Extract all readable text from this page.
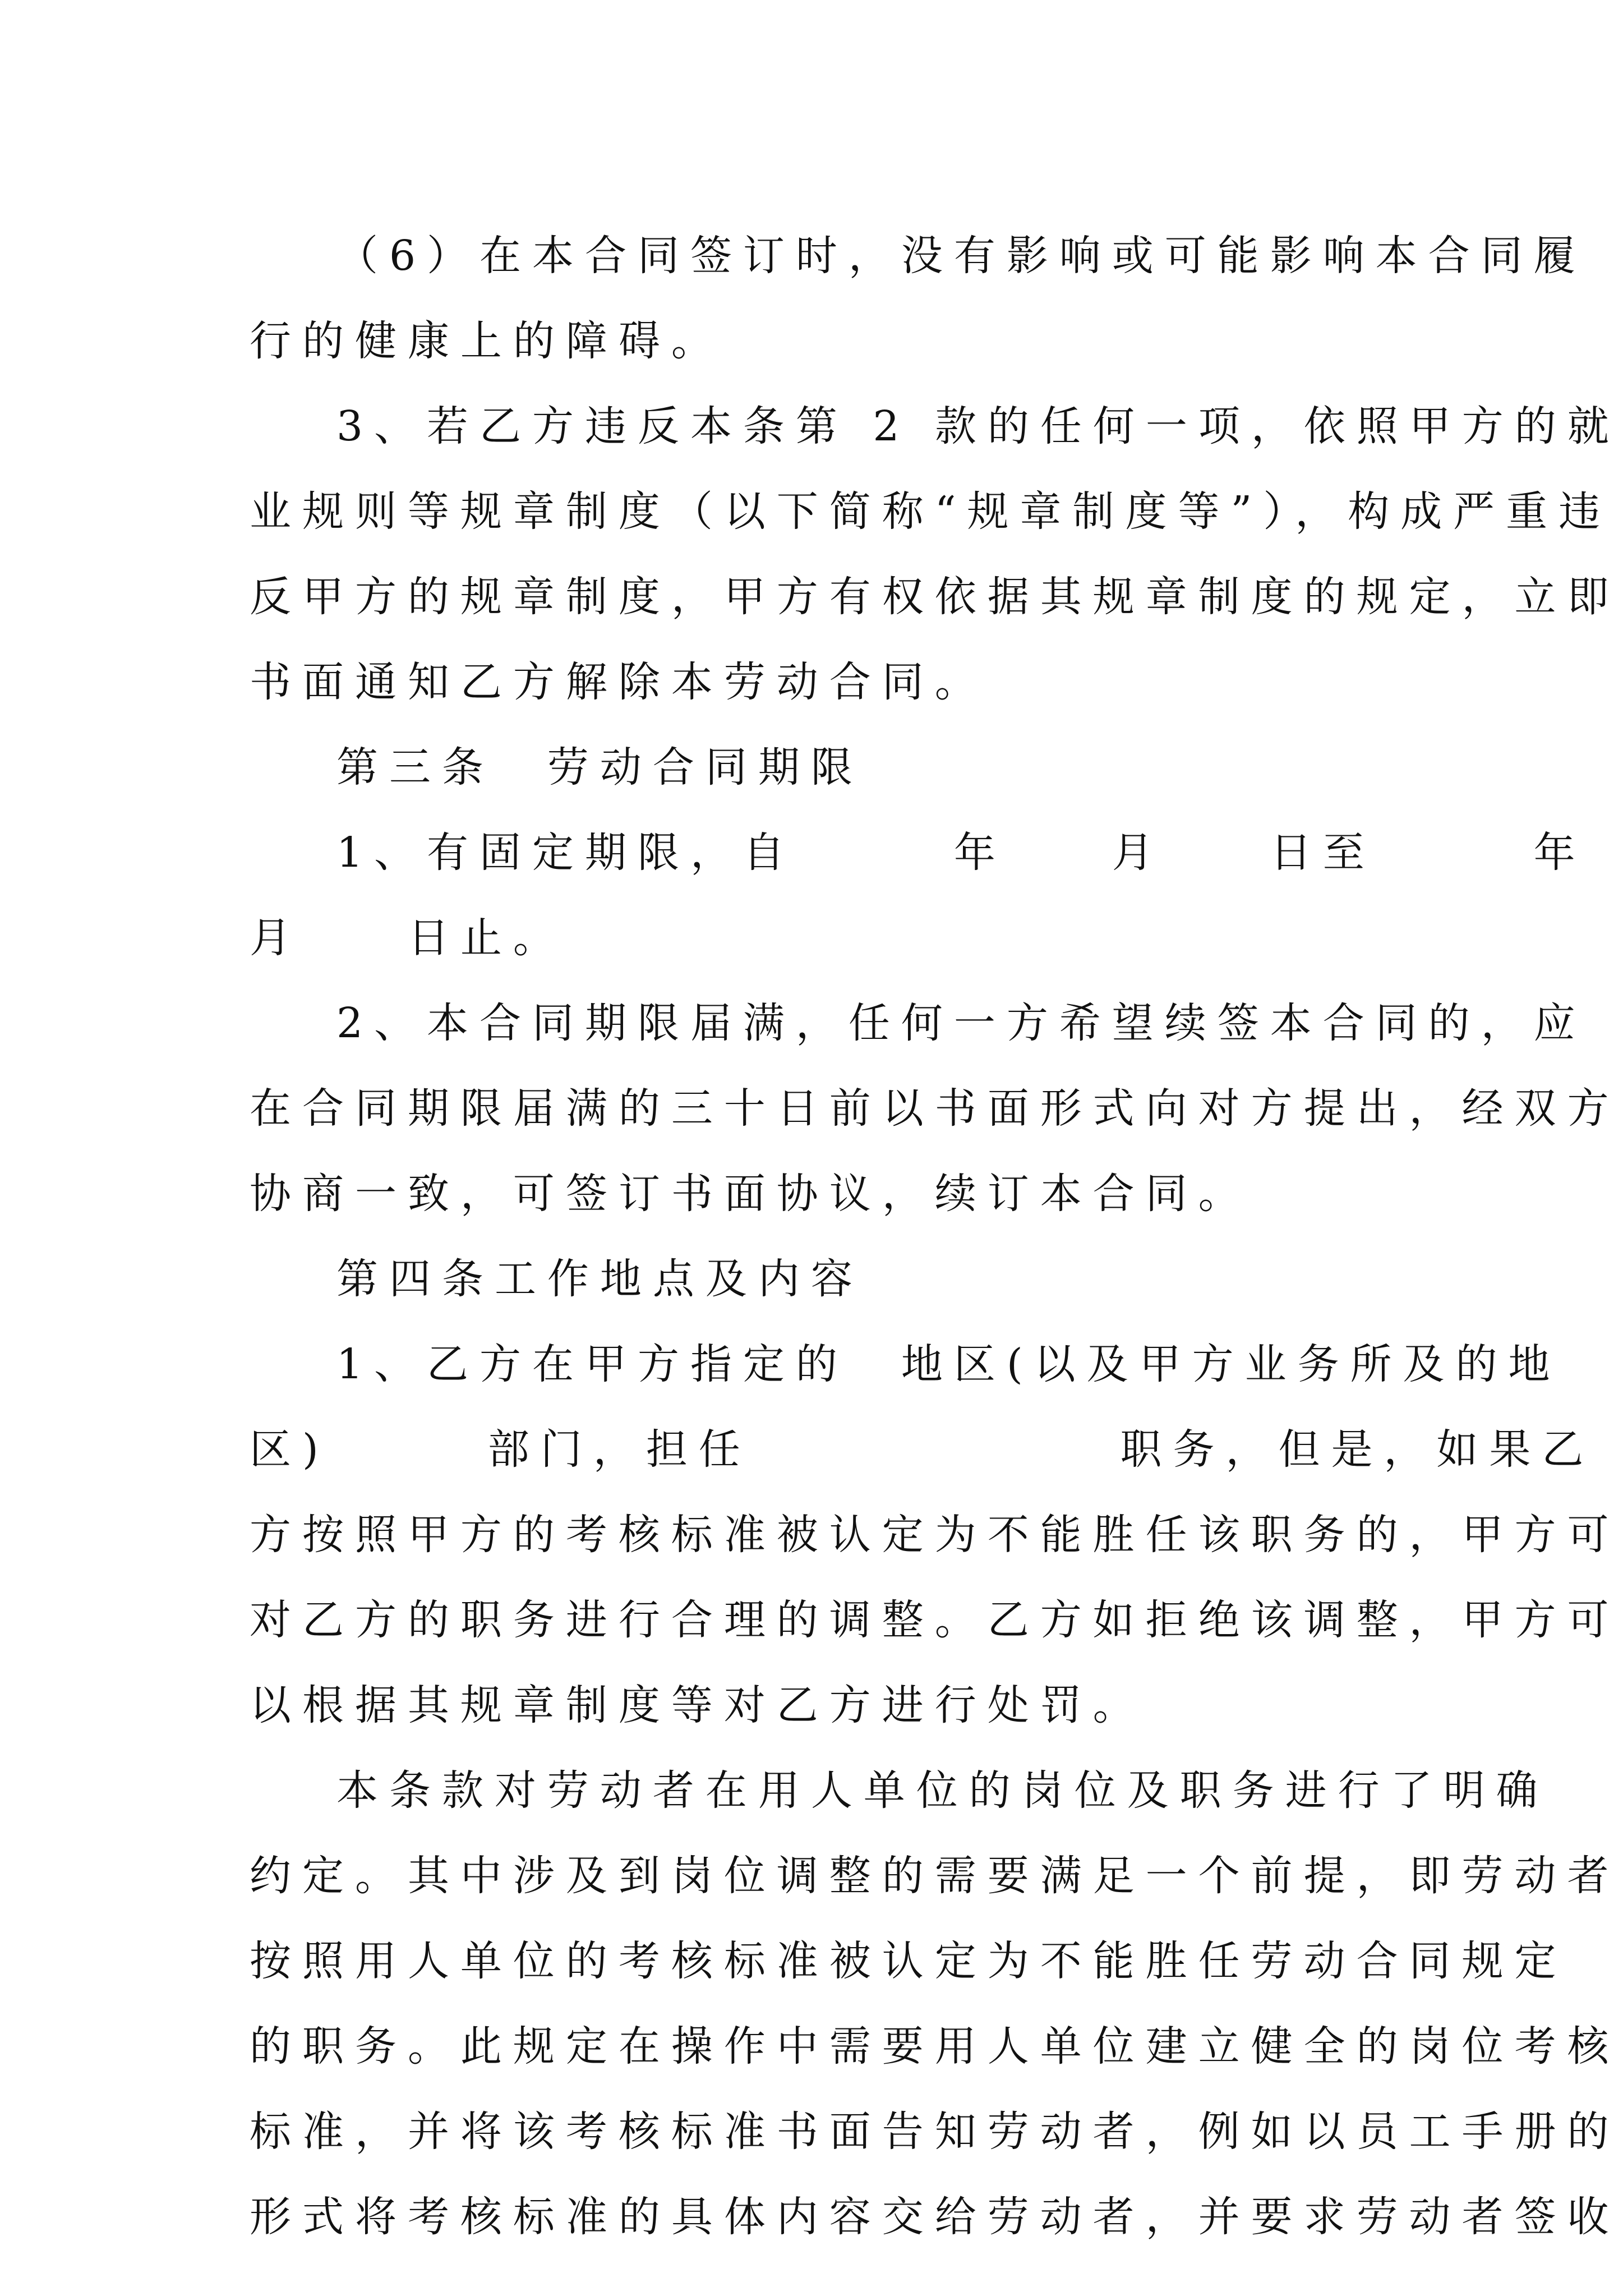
（6）在本合同签订时，没有影响或可能影响本合同履
行的健康上的障碍。
3、若乙方违反本条第 2 款的任何一项，依照甲方的就
业规则等规章制度（以下简称“规章制度等”），构成严重违
反甲方的规章制度，甲方有权依据其规章制度的规定，立即
书面通知乙方解除本劳动合同。
第三条　劳动合同期限
1、有固定期限，自　　　年　　月　　日至　　　年
月　　日止。
2、本合同期限届满，任何一方希望续签本合同的，应
在合同期限届满的三十日前以书面形式向对方提出，经双方
协商一致，可签订书面协议，续订本合同。
第四条工作地点及内容
1、乙方在甲方指定的　地区(以及甲方业务所及的地
区)　　　部门，担任　　　　　　　职务，但是，如果乙
方按照甲方的考核标准被认定为不能胜任该职务的，甲方可
对乙方的职务进行合理的调整。乙方如拒绝该调整，甲方可
以根据其规章制度等对乙方进行处罚。
本条款对劳动者在用人单位的岗位及职务进行了明确
约定。其中涉及到岗位调整的需要满足一个前提，即劳动者
按照用人单位的考核标准被认定为不能胜任劳动合同规定
的职务。此规定在操作中需要用人单位建立健全的岗位考核
标准，并将该考核标准书面告知劳动者，例如以员工手册的
形式将考核标准的具体内容交给劳动者，并要求劳动者签收
